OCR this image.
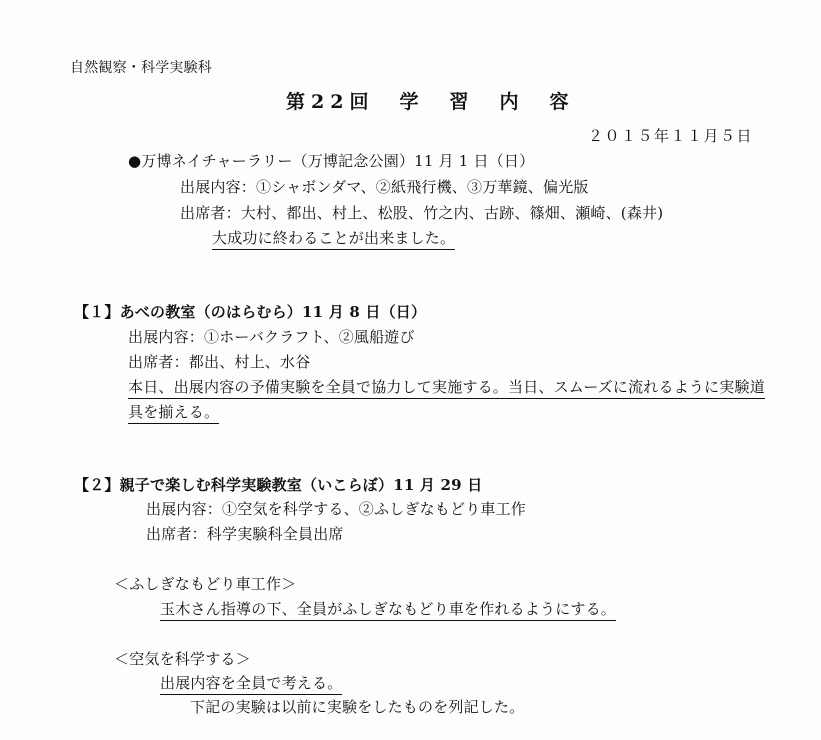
自然観察・科学実験科
第22回　学　習　内　容
２０１５年１１月５日
●万博ネイチャーラリー（万博記念公園）11 月 1 日（日）
出展内容：①シャボンダマ、②紙飛行機、③万華鏡、偏光版
出席者：大村、都出、村上、松股、竹之内、古跡、篠畑、瀬崎、(森井)
大成功に終わることが出来ました。
【１】あべの教室（のはらむら）11 月 8 日（日）
出展内容：①ホーバクラフト、②風船遊び
出席者：都出、村上、水谷
本日、出展内容の予備実験を全員で協力して実施する。当日、スムーズに流れるように実験道
具を揃える。
【２】親子で楽しむ科学実験教室（いこらぼ）11 月 29 日
出展内容：①空気を科学する、②ふしぎなもどり車工作
出席者：科学実験科全員出席
＜ふしぎなもどり車工作＞
玉木さん指導の下、全員がふしぎなもどり車を作れるようにする。
＜空気を科学する＞
出展内容を全員で考える。
下記の実験は以前に実験をしたものを列記した。
